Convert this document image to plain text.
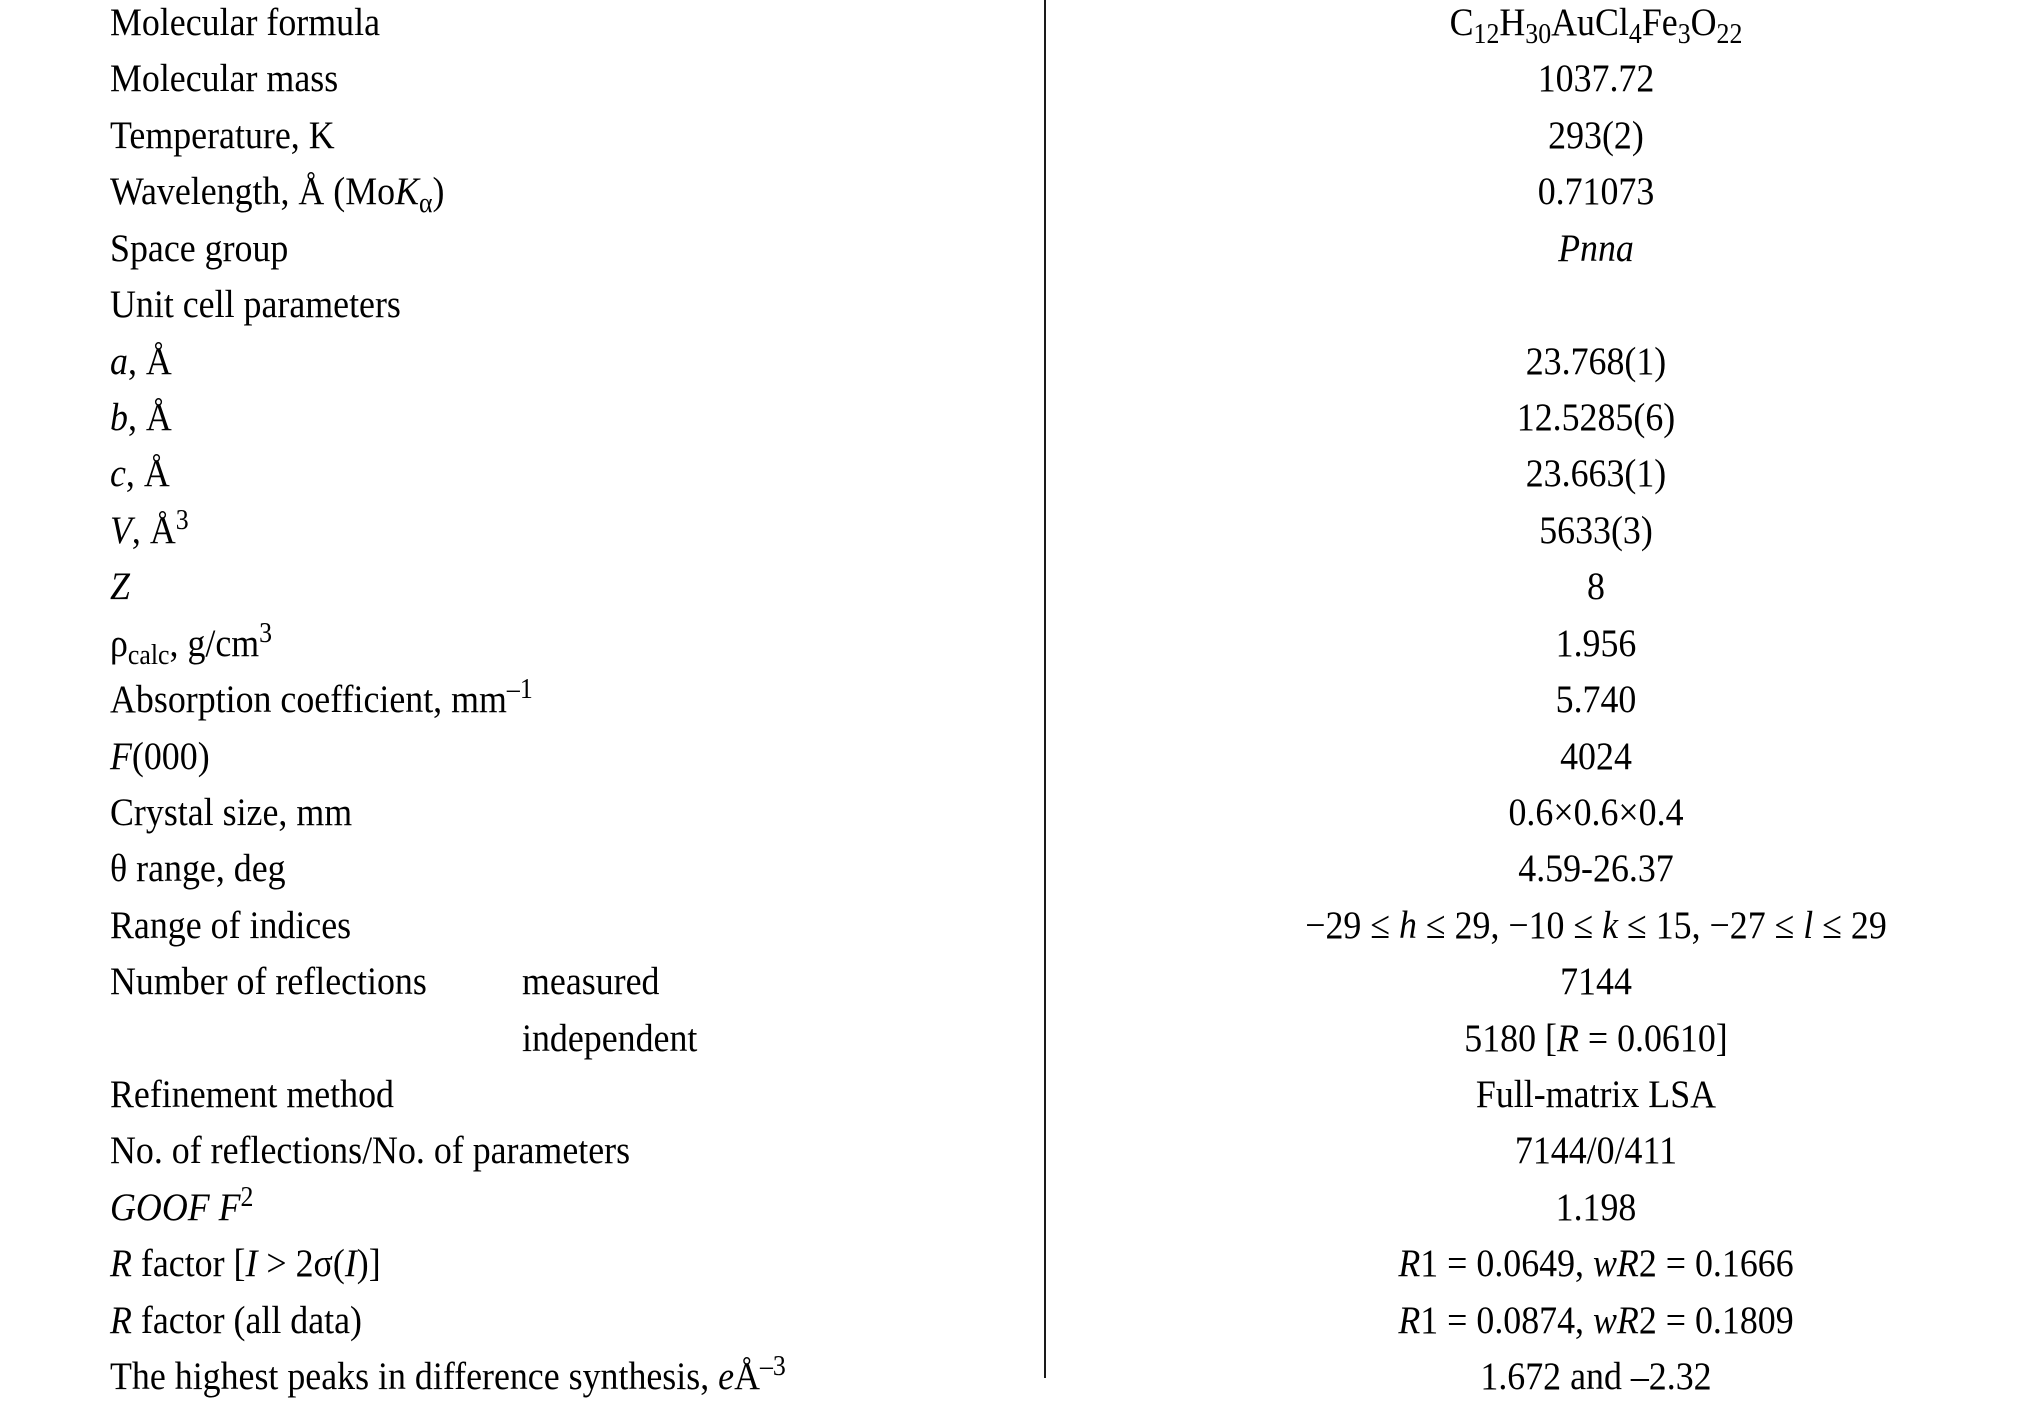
Molecular formula	$C_{12}H_{30}AuCl_4Fe_3O_{22}$
Molecular mass	1037.72
Temperature, K	293(2)
Wavelength, Å (MoK$_\alpha$)	0.71073
Space group	Pnna
Unit cell parameters
a, Å	23.768(1)
b, Å	12.5285(6)
c, Å	23.663(1)
V, $Å^3$	5633(3)
Z	8
$\rho_{calc}$, $g/cm^3$	1.956
Absorption coefficient, $mm^{-1}$	5.740
F(000)	4024
Crystal size, mm	0.6×0.6×0.4
θ range, deg	4.59-26.37
Range of indices	−29 ≤ h ≤ 29, −10 ≤ k ≤ 15, −27 ≤ l ≤ 29
Number of reflections measured	7144
independent	5180 [R = 0.0610]
Refinement method	Full-matrix LSA
No. of reflections/No. of parameters	7144/0/411
GOOF $F^2$	1.198
R factor [I > 2σ(I)]	R1 = 0.0649, wR2 = 0.1666
R factor (all data)	R1 = 0.0874, wR2 = 0.1809
The highest peaks in difference synthesis, $eÅ^{-3}$	1.672 and –2.32
